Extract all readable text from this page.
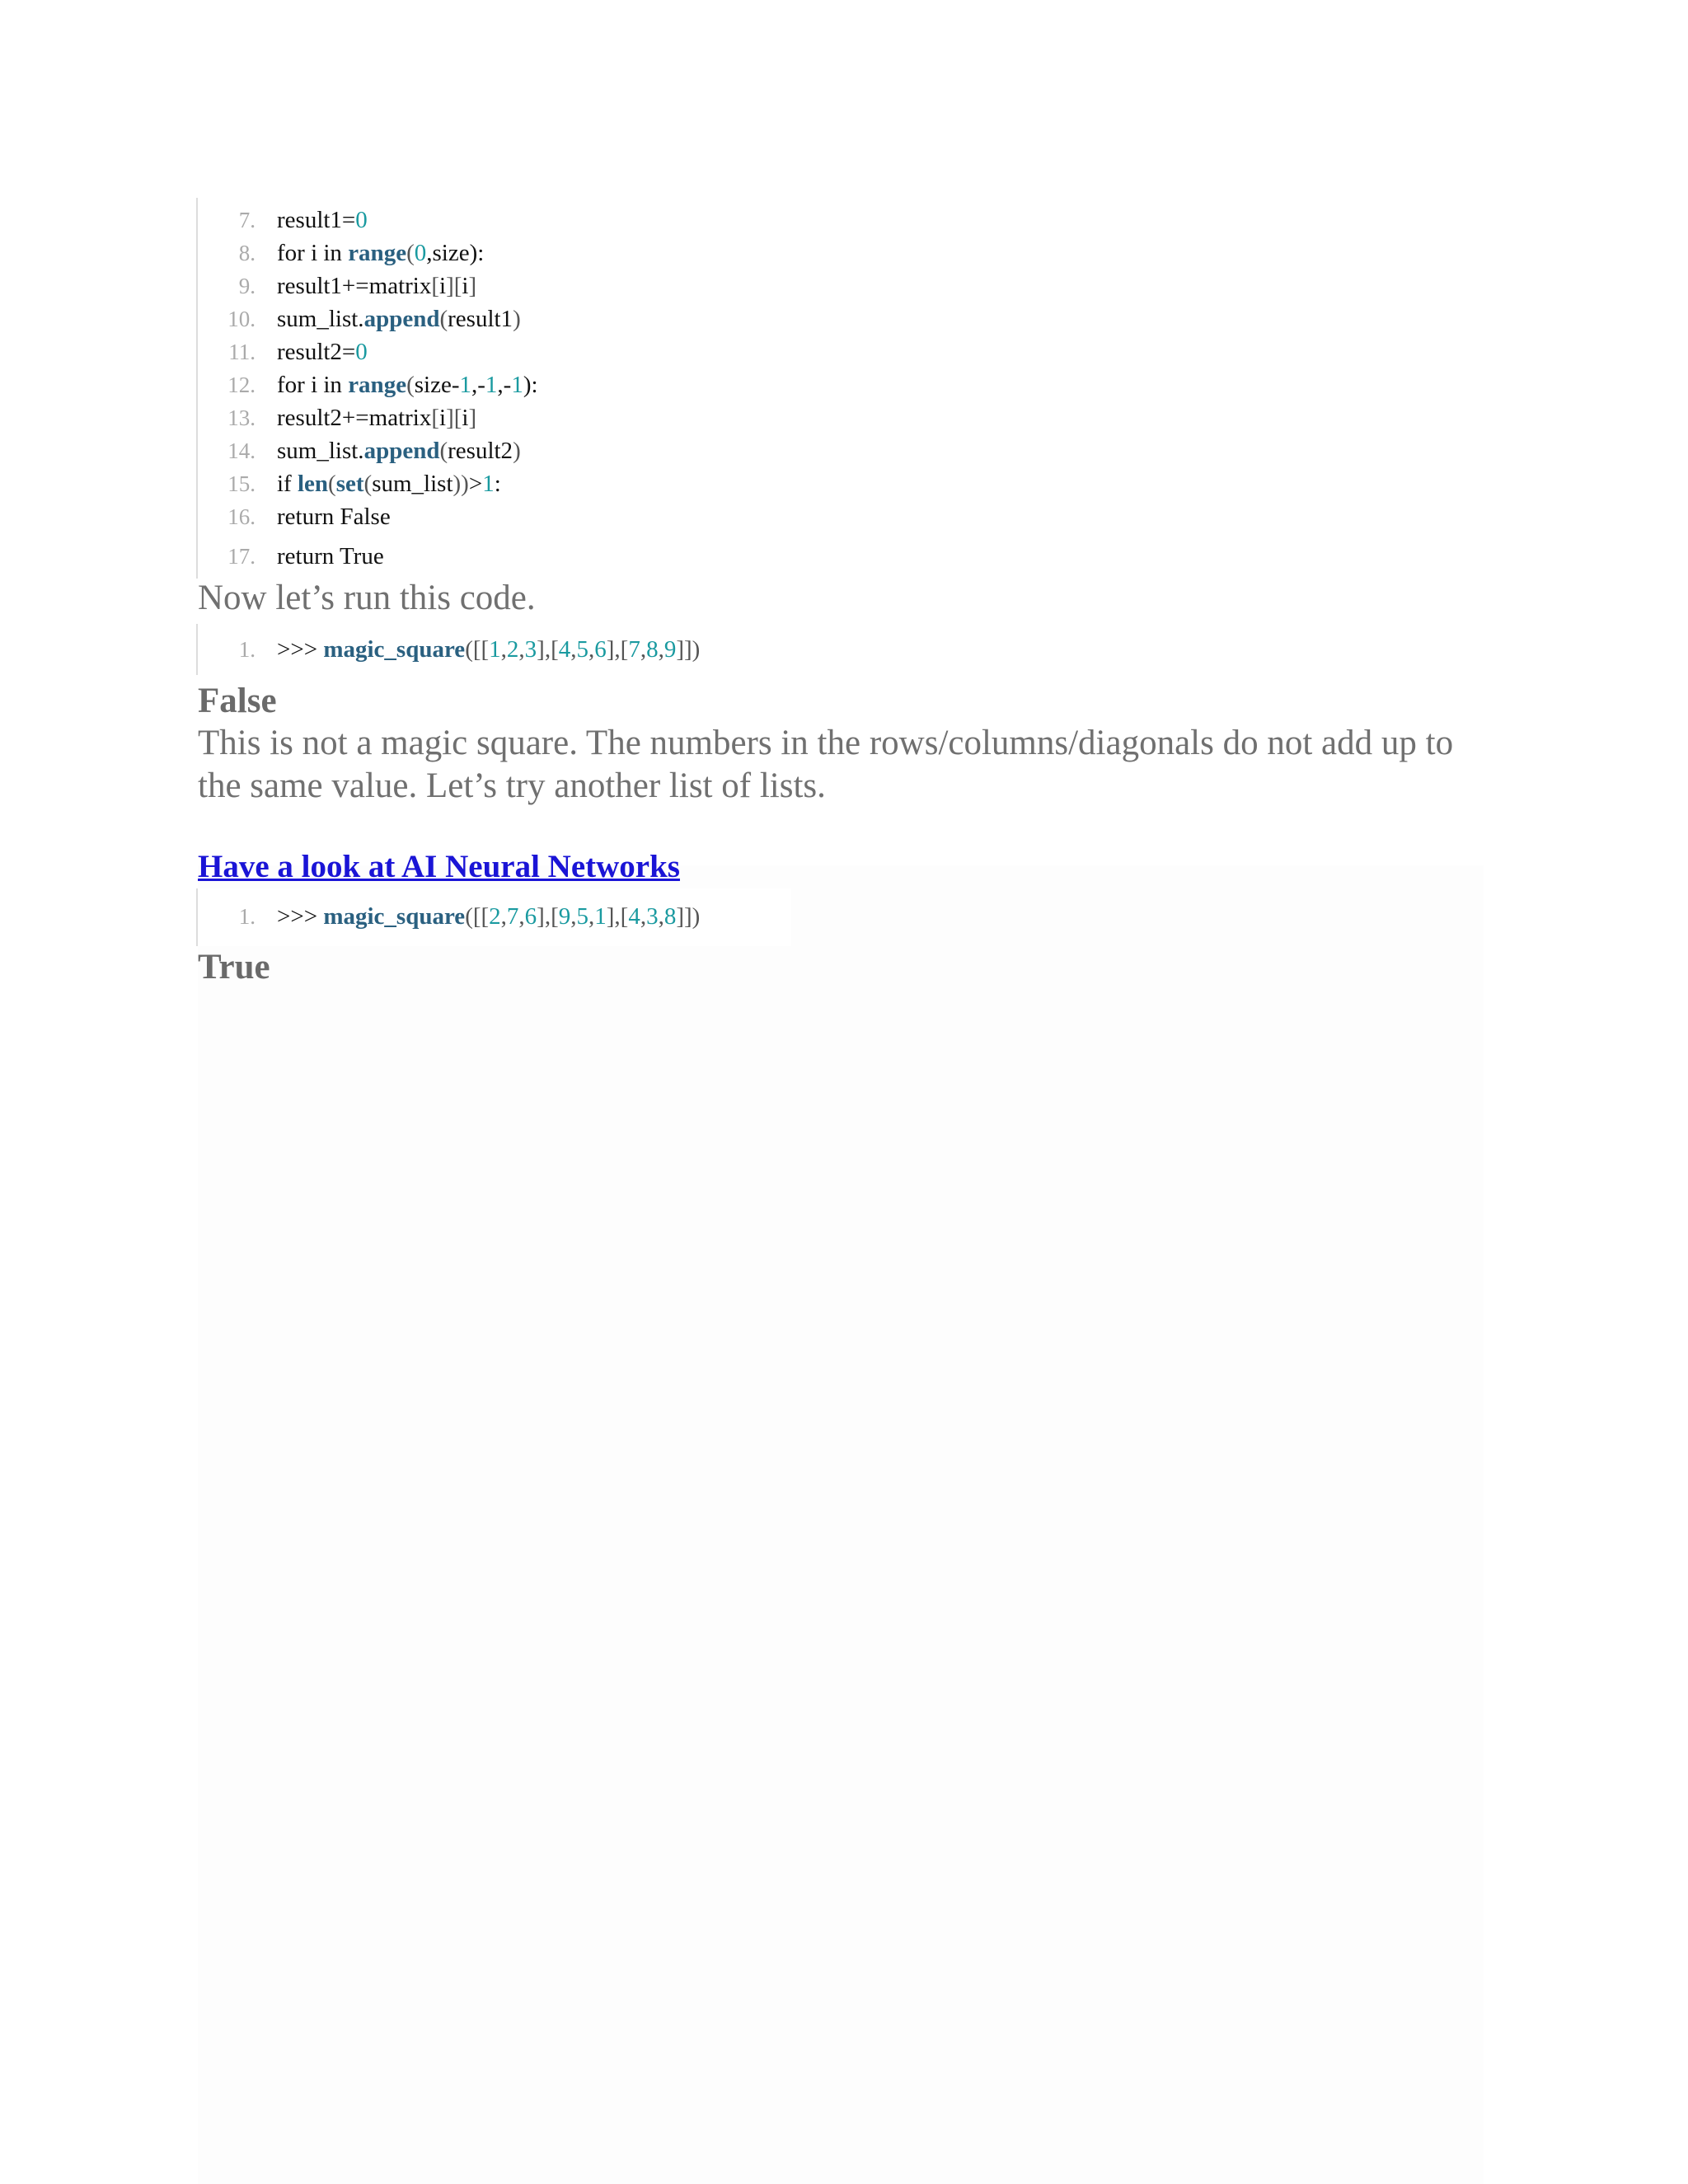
7. result1=0
8. for i in range(0,size):
9. result1+=matrix[i][i]
10. sum_list.append(result1)
11. result2=0
12. for i in range(size-1,-1,-1):
13. result2+=matrix[i][i]
14. sum_list.append(result2)
15. if len(set(sum_list))>1:
16. return False
17. return True
Now let’s run this code.
1. >>> magic_square([[1,2,3],[4,5,6],[7,8,9]])
False
This is not a magic square. The numbers in the rows/columns/diagonals do not add up to the same value. Let’s try another list of lists.
Have a look at AI Neural Networks
1. >>> magic_square([[2,7,6],[9,5,1],[4,3,8]])
True
